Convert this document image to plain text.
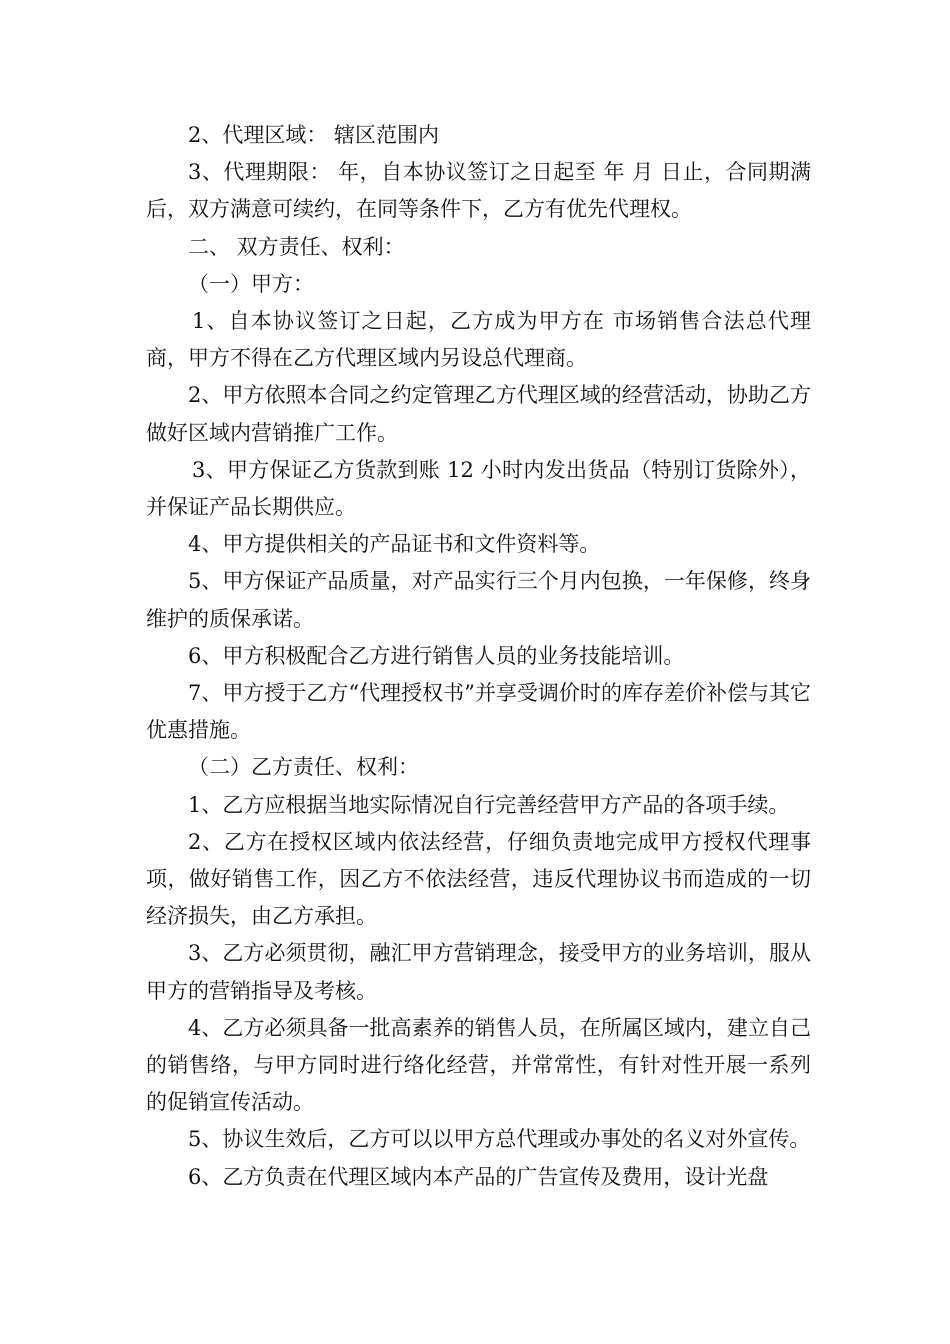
2、代理区域： 辖区范围内

3、代理期限： 年，自本协议签订之日起至 年 月 日止，合同期满后，双方满意可续约，在同等条件下，乙方有优先代理权。

二、 双方责任、权利：

（一）甲方：

1、自本协议签订之日起，乙方成为甲方在 市场销售合法总代理商，甲方不得在乙方代理区域内另设总代理商。

2、甲方依照本合同之约定管理乙方代理区域的经营活动，协助乙方做好区域内营销推广工作。

3、甲方保证乙方货款到账 12 小时内发出货品（特别订货除外），并保证产品长期供应。

4、甲方提供相关的产品证书和文件资料等。

5、甲方保证产品质量，对产品实行三个月内包换，一年保修，终身维护的质保承诺。

6、甲方积极配合乙方进行销售人员的业务技能培训。

7、甲方授于乙方“代理授权书”并享受调价时的库存差价补偿与其它优惠措施。

（二）乙方责任、权利：

1、乙方应根据当地实际情况自行完善经营甲方产品的各项手续。

2、乙方在授权区域内依法经营，仔细负责地完成甲方授权代理事项，做好销售工作，因乙方不依法经营，违反代理协议书而造成的一切经济损失，由乙方承担。

3、乙方必须贯彻，融汇甲方营销理念，接受甲方的业务培训，服从甲方的营销指导及考核。

4、乙方必须具备一批高素养的销售人员，在所属区域内，建立自己的销售络，与甲方同时进行络化经营，并常常性，有针对性开展一系列的促销宣传活动。

5、协议生效后，乙方可以以甲方总代理或办事处的名义对外宣传。

6、乙方负责在代理区域内本产品的广告宣传及费用，设计光盘
